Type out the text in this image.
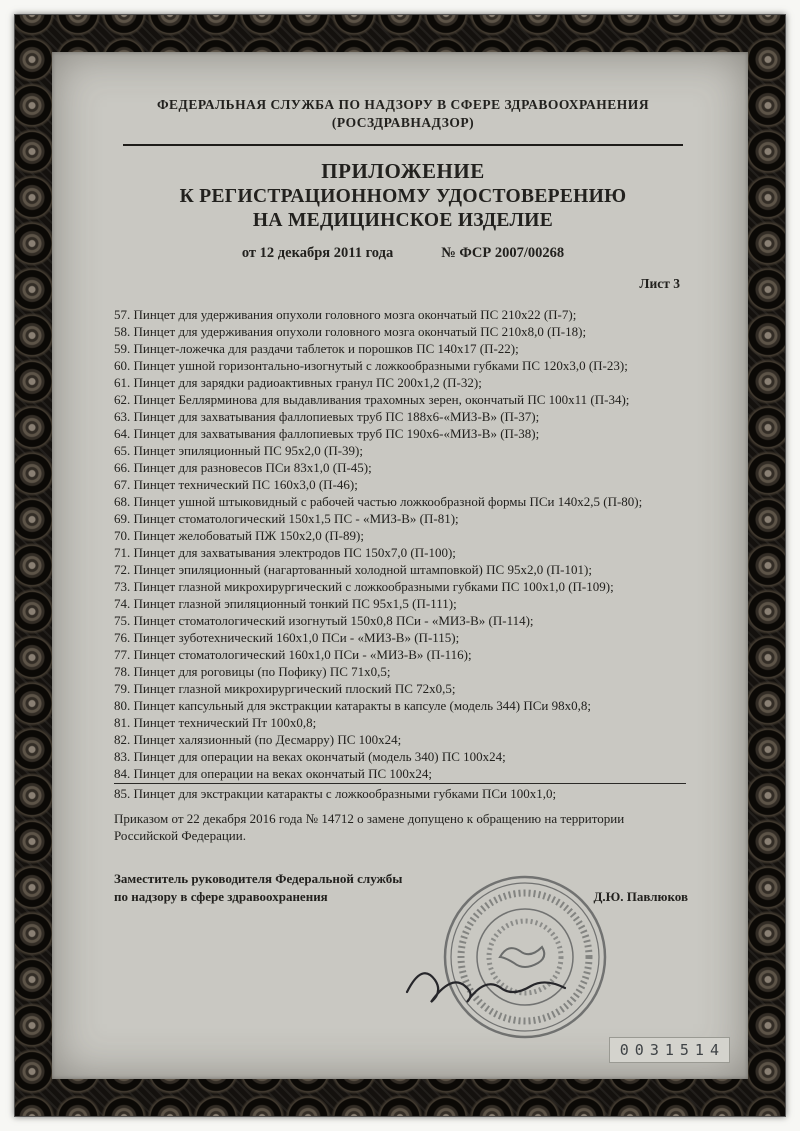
ФЕДЕРАЛЬНАЯ СЛУЖБА ПО НАДЗОРУ В СФЕРЕ ЗДРАВООХРАНЕНИЯ
(РОСЗДРАВНАДЗОР)
ПРИЛОЖЕНИЕ
К РЕГИСТРАЦИОННОМУ УДОСТОВЕРЕНИЮ
НА МЕДИЦИНСКОЕ ИЗДЕЛИЕ
от 12 декабря 2011 года	№ ФСР 2007/00268
Лист 3
57. Пинцет для удерживания опухоли головного мозга окончатый ПС 210х22 (П-7);
58. Пинцет для удерживания опухоли головного мозга окончатый ПС 210х8,0 (П-18);
59. Пинцет-ложечка для раздачи таблеток и порошков ПС 140х17 (П-22);
60. Пинцет ушной горизонтально-изогнутый с ложкообразными губками ПС 120х3,0 (П-23);
61. Пинцет для зарядки радиоактивных гранул ПС 200х1,2 (П-32);
62. Пинцет Беллярминова для выдавливания трахомных зерен, окончатый ПС 100х11 (П-34);
63. Пинцет для захватывания фаллопиевых труб ПС 188х6-«МИЗ-В» (П-37);
64. Пинцет для захватывания фаллопиевых труб ПС 190х6-«МИЗ-В» (П-38);
65. Пинцет эпиляционный ПС 95х2,0 (П-39);
66. Пинцет для разновесов ПСи 83х1,0 (П-45);
67. Пинцет технический ПС 160х3,0 (П-46);
68. Пинцет ушной штыковидный с рабочей частью ложкообразной формы ПСи 140х2,5 (П-80);
69. Пинцет стоматологический 150х1,5 ПС - «МИЗ-В» (П-81);
70. Пинцет желобоватый ПЖ 150х2,0 (П-89);
71. Пинцет для захватывания электродов ПС 150х7,0 (П-100);
72. Пинцет эпиляционный (нагартованный холодной штамповкой) ПС 95х2,0 (П-101);
73. Пинцет глазной микрохирургический с ложкообразными губками ПС 100х1,0 (П-109);
74. Пинцет глазной эпиляционный тонкий ПС 95х1,5 (П-111);
75. Пинцет стоматологический изогнутый 150х0,8 ПСи - «МИЗ-В» (П-114);
76. Пинцет зуботехнический 160х1,0 ПСи - «МИЗ-В» (П-115);
77. Пинцет стоматологический 160х1,0 ПСи - «МИЗ-В» (П-116);
78. Пинцет для роговицы (по Пофику) ПС 71х0,5;
79. Пинцет глазной микрохирургический плоский ПС 72х0,5;
80. Пинцет капсульный для экстракции катаракты в капсуле (модель 344) ПСи 98х0,8;
81. Пинцет технический Пт 100х0,8;
82. Пинцет халязионный (по Десмарру) ПС 100х24;
83. Пинцет для операции на веках окончатый (модель 340) ПС 100х24;
84. Пинцет для операции на веках окончатый ПС 100х24;
85. Пинцет для экстракции катаракты с ложкообразными губками ПСи 100х1,0;

Приказом от 22 декабря 2016 года № 14712 о замене допущено к обращению на территории Российской Федерации.

Заместитель руководителя Федеральной службы
по надзору в сфере здравоохранения	Д.Ю. Павлюков
0031514
